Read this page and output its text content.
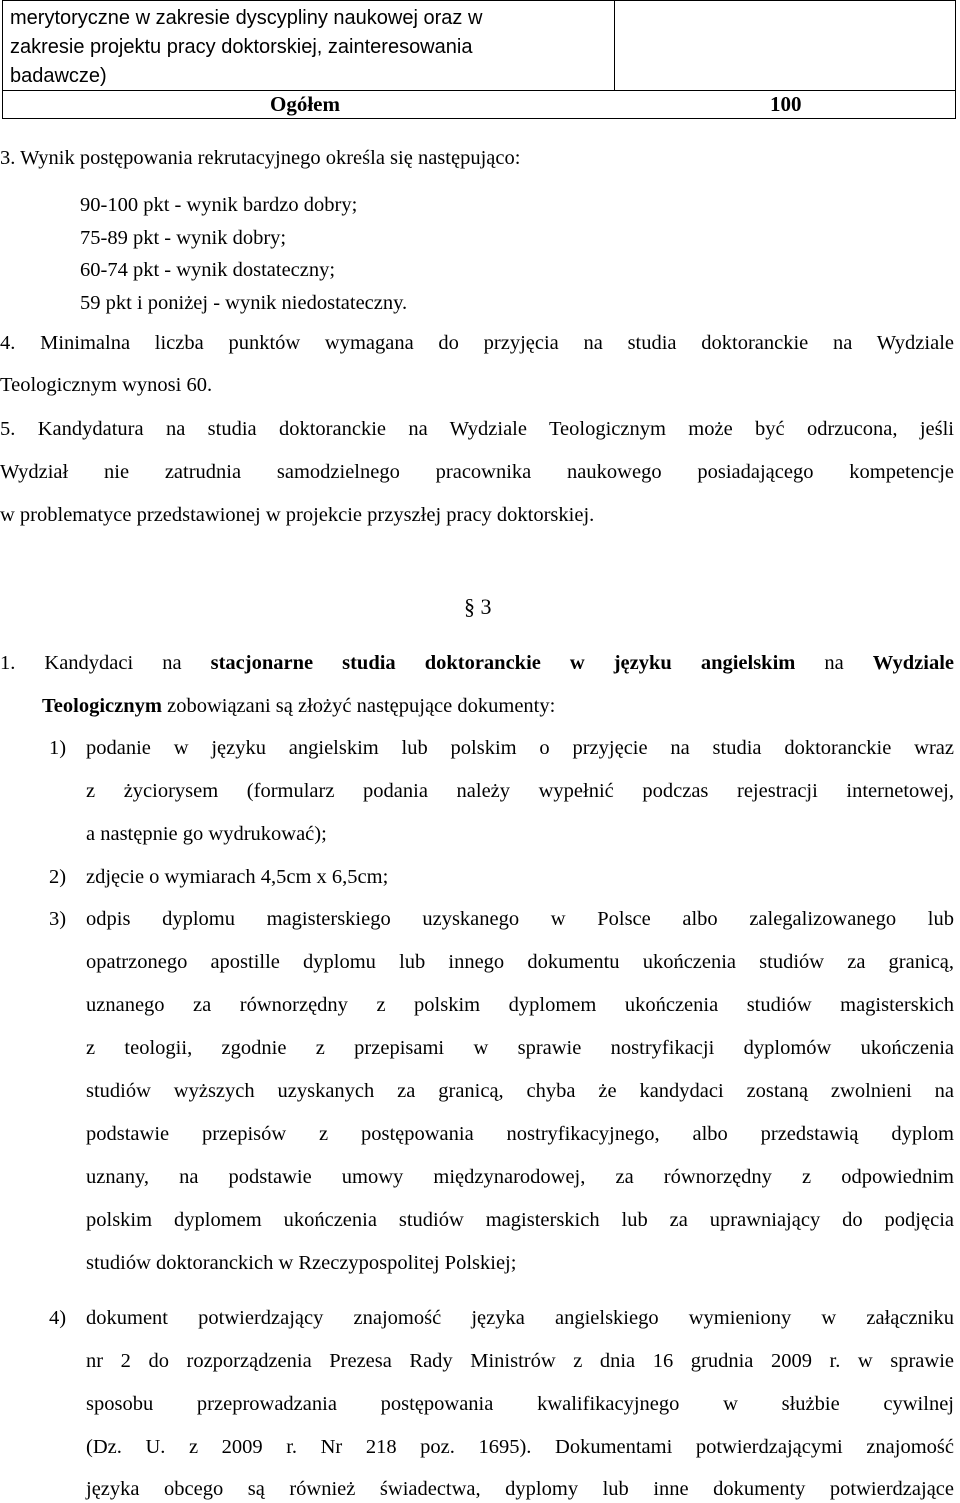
merytoryczne w zakresie dyscypliny naukowej oraz w
zakresie projektu pracy doktorskiej, zainteresowania
badawcze)
Ogółem	100
3. Wynik postępowania rekrutacyjnego określa się następująco:
90-100 pkt - wynik bardzo dobry;
75-89 pkt - wynik dobry;
60-74 pkt - wynik dostateczny;
59 pkt i poniżej - wynik niedostateczny.
4. Minimalna liczba punktów wymagana do przyjęcia na studia doktoranckie na Wydziale
Teologicznym wynosi 60.
5. Kandydatura na studia doktoranckie na Wydziale Teologicznym może być odrzucona, jeśli
Wydział nie zatrudnia samodzielnego pracownika naukowego posiadającego kompetencje
w problematyce przedstawionej w projekcie przyszłej pracy doktorskiej.
§ 3
1. Kandydaci na stacjonarne studia doktoranckie w języku angielskim na Wydziale
Teologicznym zobowiązani są złożyć następujące dokumenty:
1) podanie w języku angielskim lub polskim o przyjęcie na studia doktoranckie wraz
z życiorysem (formularz podania należy wypełnić podczas rejestracji internetowej,
a następnie go wydrukować);
2) zdjęcie o wymiarach 4,5cm x 6,5cm;
3) odpis dyplomu magisterskiego uzyskanego w Polsce albo zalegalizowanego lub
opatrzonego apostille dyplomu lub innego dokumentu ukończenia studiów za granicą,
uznanego za równorzędny z polskim dyplomem ukończenia studiów magisterskich
z teologii, zgodnie z przepisami w sprawie nostryfikacji dyplomów ukończenia
studiów wyższych uzyskanych za granicą, chyba że kandydaci zostaną zwolnieni na
podstawie przepisów z postępowania nostryfikacyjnego, albo przedstawią dyplom
uznany, na podstawie umowy międzynarodowej, za równorzędny z odpowiednim
polskim dyplomem ukończenia studiów magisterskich lub za uprawniający do podjęcia
studiów doktoranckich w Rzeczypospolitej Polskiej;
4) dokument potwierdzający znajomość języka angielskiego wymieniony w załączniku
nr 2 do rozporządzenia Prezesa Rady Ministrów z dnia 16 grudnia 2009 r. w sprawie
sposobu przeprowadzania postępowania kwalifikacyjnego w służbie cywilnej
(Dz. U. z 2009 r. Nr 218 poz. 1695). Dokumentami potwierdzającymi znajomość
języka obcego są również świadectwa, dyplomy lub inne dokumenty potwierdzające
